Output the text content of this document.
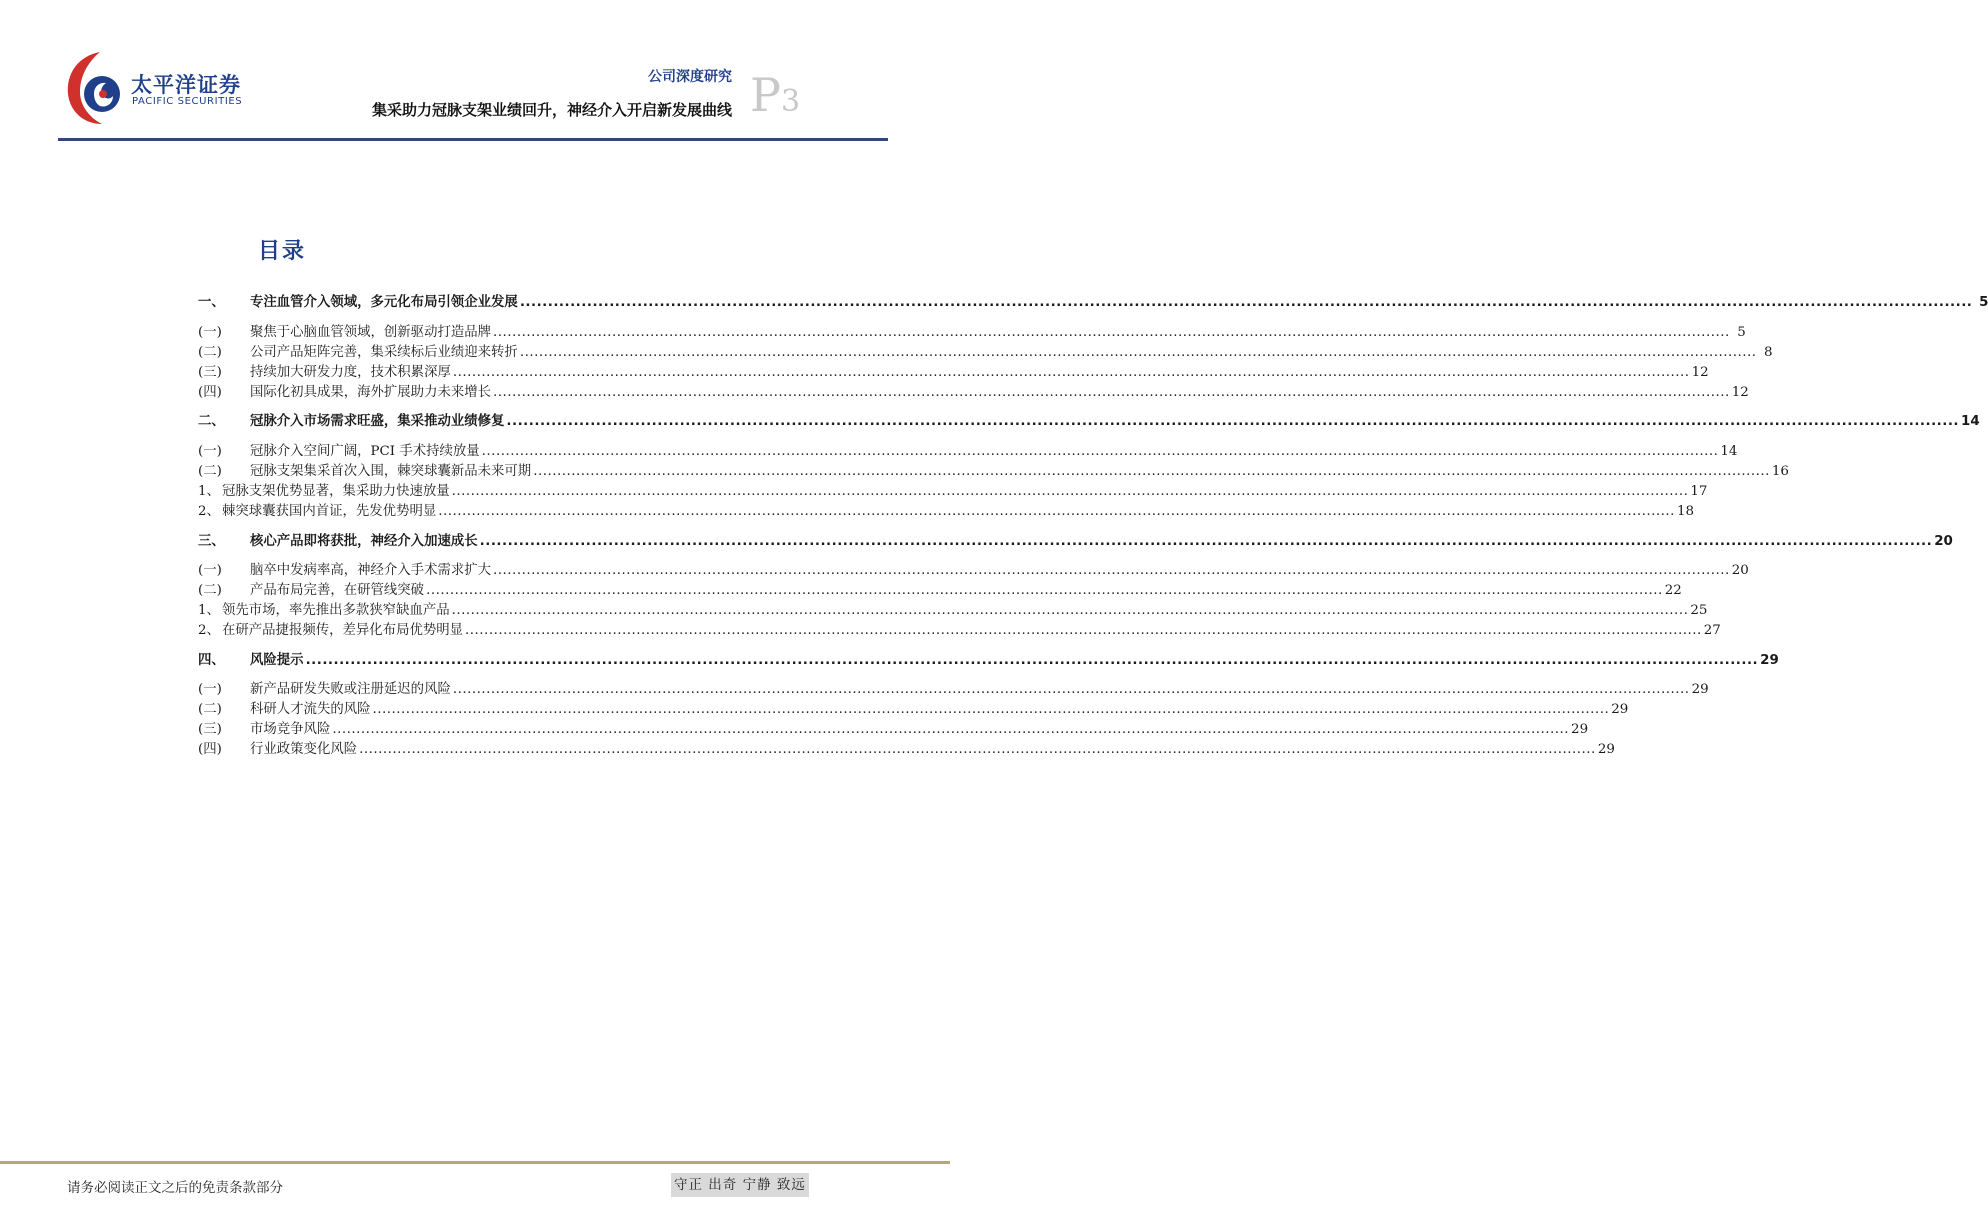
太平洋证券
PACIFIC SECURITIES
公司深度研究
集采助力冠脉支架业绩回升，神经介入开启新发展曲线 P3
目录
一、	专注血管介入领域，多元化布局引领企业发展 .................................................................................................................................................................................................................................................................... 5
(一)	聚焦于心脑血管领域，创新驱动打造品牌 .................................................................................................................................................................................................................................................................... 5
(二)	公司产品矩阵完善，集采续标后业绩迎来转折 .................................................................................................................................................................................................................................................................... 8
(三)	持续加大研发力度，技术积累深厚 .................................................................................................................................................................................................................................................................... 12
(四)	国际化初具成果，海外扩展助力未来增长 .................................................................................................................................................................................................................................................................... 12
二、	冠脉介入市场需求旺盛，集采推动业绩修复 .................................................................................................................................................................................................................................................................... 14
(一)	冠脉介入空间广阔，PCI 手术持续放量 .................................................................................................................................................................................................................................................................... 14
(二)	冠脉支架集采首次入围，棘突球囊新品未来可期 .................................................................................................................................................................................................................................................................... 16
1、 冠脉支架优势显著，集采助力快速放量 .................................................................................................................................................................................................................................................................... 17
2、 棘突球囊获国内首证，先发优势明显 .................................................................................................................................................................................................................................................................... 18
三、	核心产品即将获批，神经介入加速成长 .................................................................................................................................................................................................................................................................... 20
(一)	脑卒中发病率高，神经介入手术需求扩大 .................................................................................................................................................................................................................................................................... 20
(二)	产品布局完善，在研管线突破 .................................................................................................................................................................................................................................................................... 22
1、 领先市场，率先推出多款狭窄缺血产品 .................................................................................................................................................................................................................................................................... 25
2、 在研产品捷报频传，差异化布局优势明显 .................................................................................................................................................................................................................................................................... 27
四、	风险提示 .................................................................................................................................................................................................................................................................... 29
(一)	新产品研发失败或注册延迟的风险 .................................................................................................................................................................................................................................................................... 29
(二)	科研人才流失的风险 .................................................................................................................................................................................................................................................................... 29
(三)	市场竞争风险 .................................................................................................................................................................................................................................................................... 29
(四)	行业政策变化风险 .................................................................................................................................................................................................................................................................... 29
请务必阅读正文之后的免责条款部分	守正 出奇 宁静 致远
